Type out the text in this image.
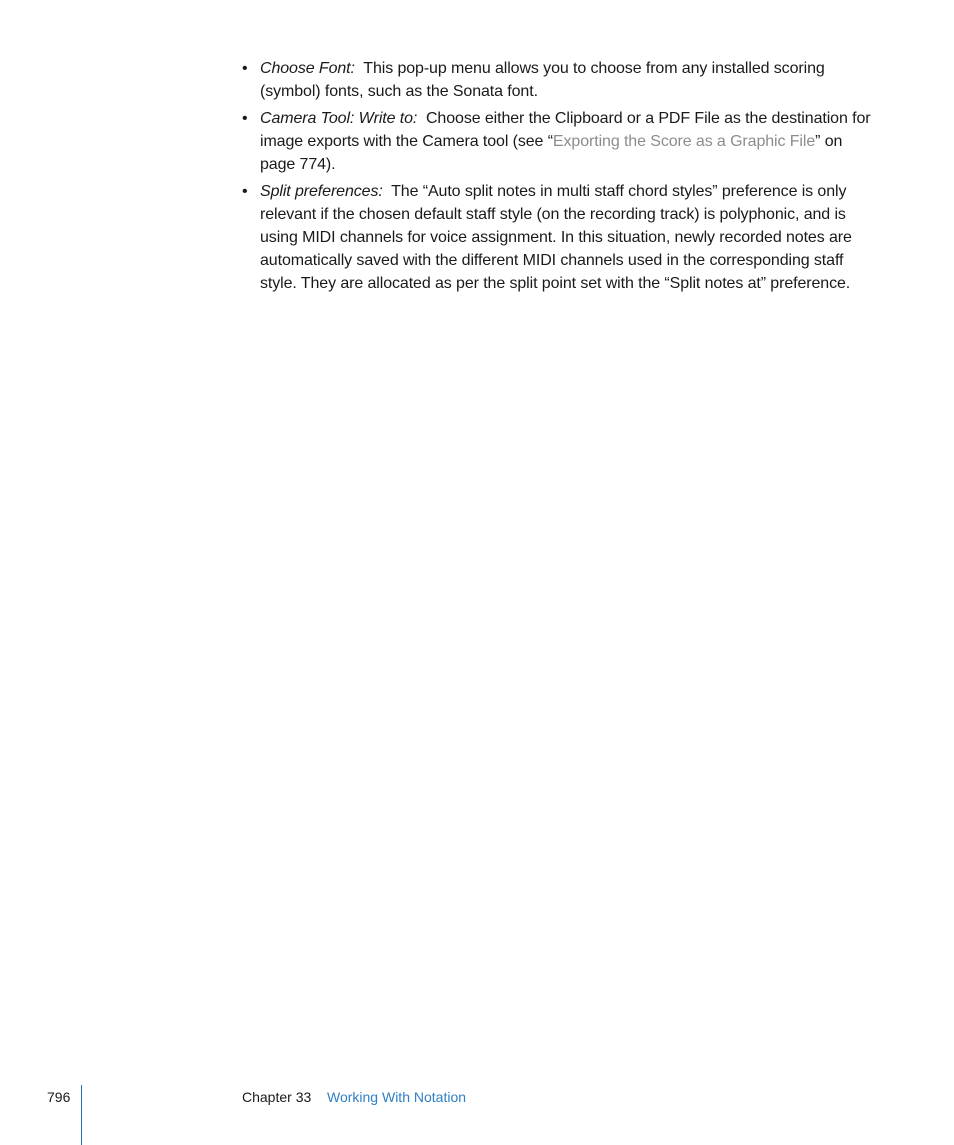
• Choose Font: This pop-up menu allows you to choose from any installed scoring (symbol) fonts, such as the Sonata font.
• Camera Tool: Write to: Choose either the Clipboard or a PDF File as the destination for image exports with the Camera tool (see “Exporting the Score as a Graphic File” on page 774).
• Split preferences: The “Auto split notes in multi staff chord styles” preference is only relevant if the chosen default staff style (on the recording track) is polyphonic, and is using MIDI channels for voice assignment. In this situation, newly recorded notes are automatically saved with the different MIDI channels used in the corresponding staff style. They are allocated as per the split point set with the “Split notes at” preference.
796	Chapter 33 Working With Notation
